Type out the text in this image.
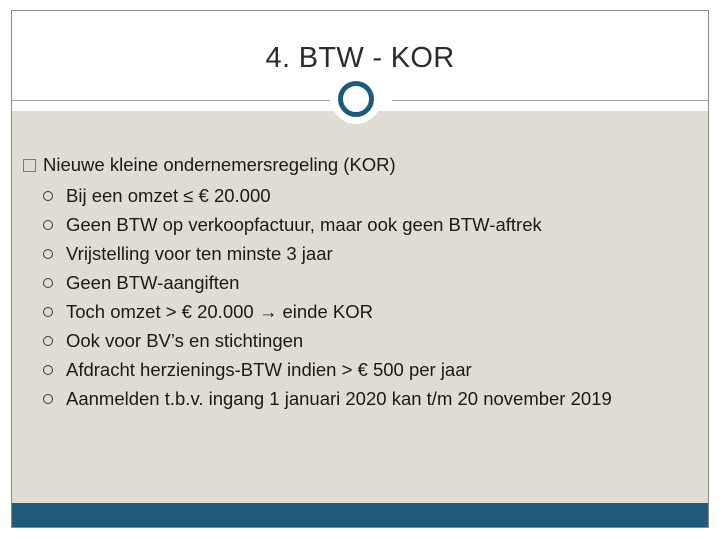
4. BTW - KOR
Nieuwe kleine ondernemersregeling (KOR)
Bij een omzet ≤ € 20.000
Geen BTW op verkoopfactuur, maar ook geen BTW-aftrek
Vrijstelling voor ten minste 3 jaar
Geen BTW-aangiften
Toch omzet > € 20.000 → einde KOR
Ook voor BV’s en stichtingen
Afdracht herzienings-BTW indien > € 500 per jaar
Aanmelden t.b.v. ingang 1 januari 2020 kan t/m 20 november 2019
